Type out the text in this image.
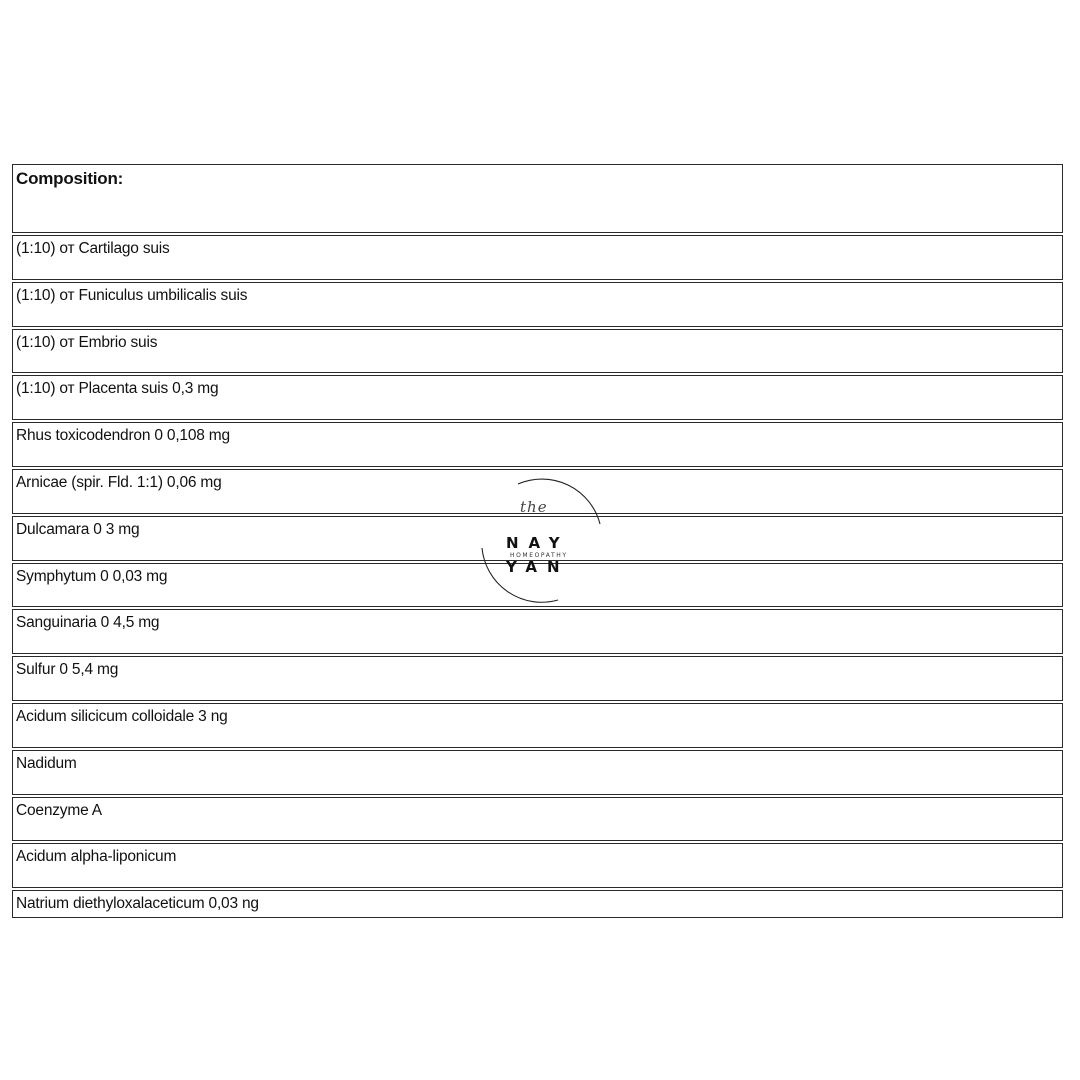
Composition:
(1:10) от Cartilago suis
(1:10) от Funiculus umbilicalis suis
(1:10) от Embrio suis
(1:10) от Placenta suis 0,3 mg
Rhus toxicodendron 0 0,108 mg
Arnicae (spir. Fld. 1:1) 0,06 mg
Dulcamara 0 3 mg
Symphytum 0 0,03 mg
Sanguinaria 0 4,5 mg
Sulfur 0 5,4 mg
Acidum silicicum colloidale 3 ng
Nadidum
Coenzyme A
Acidum alpha-liponicum
Natrium diethyloxalaceticum 0,03 ng
the
NAY
HOMEOPATHY
YAN
